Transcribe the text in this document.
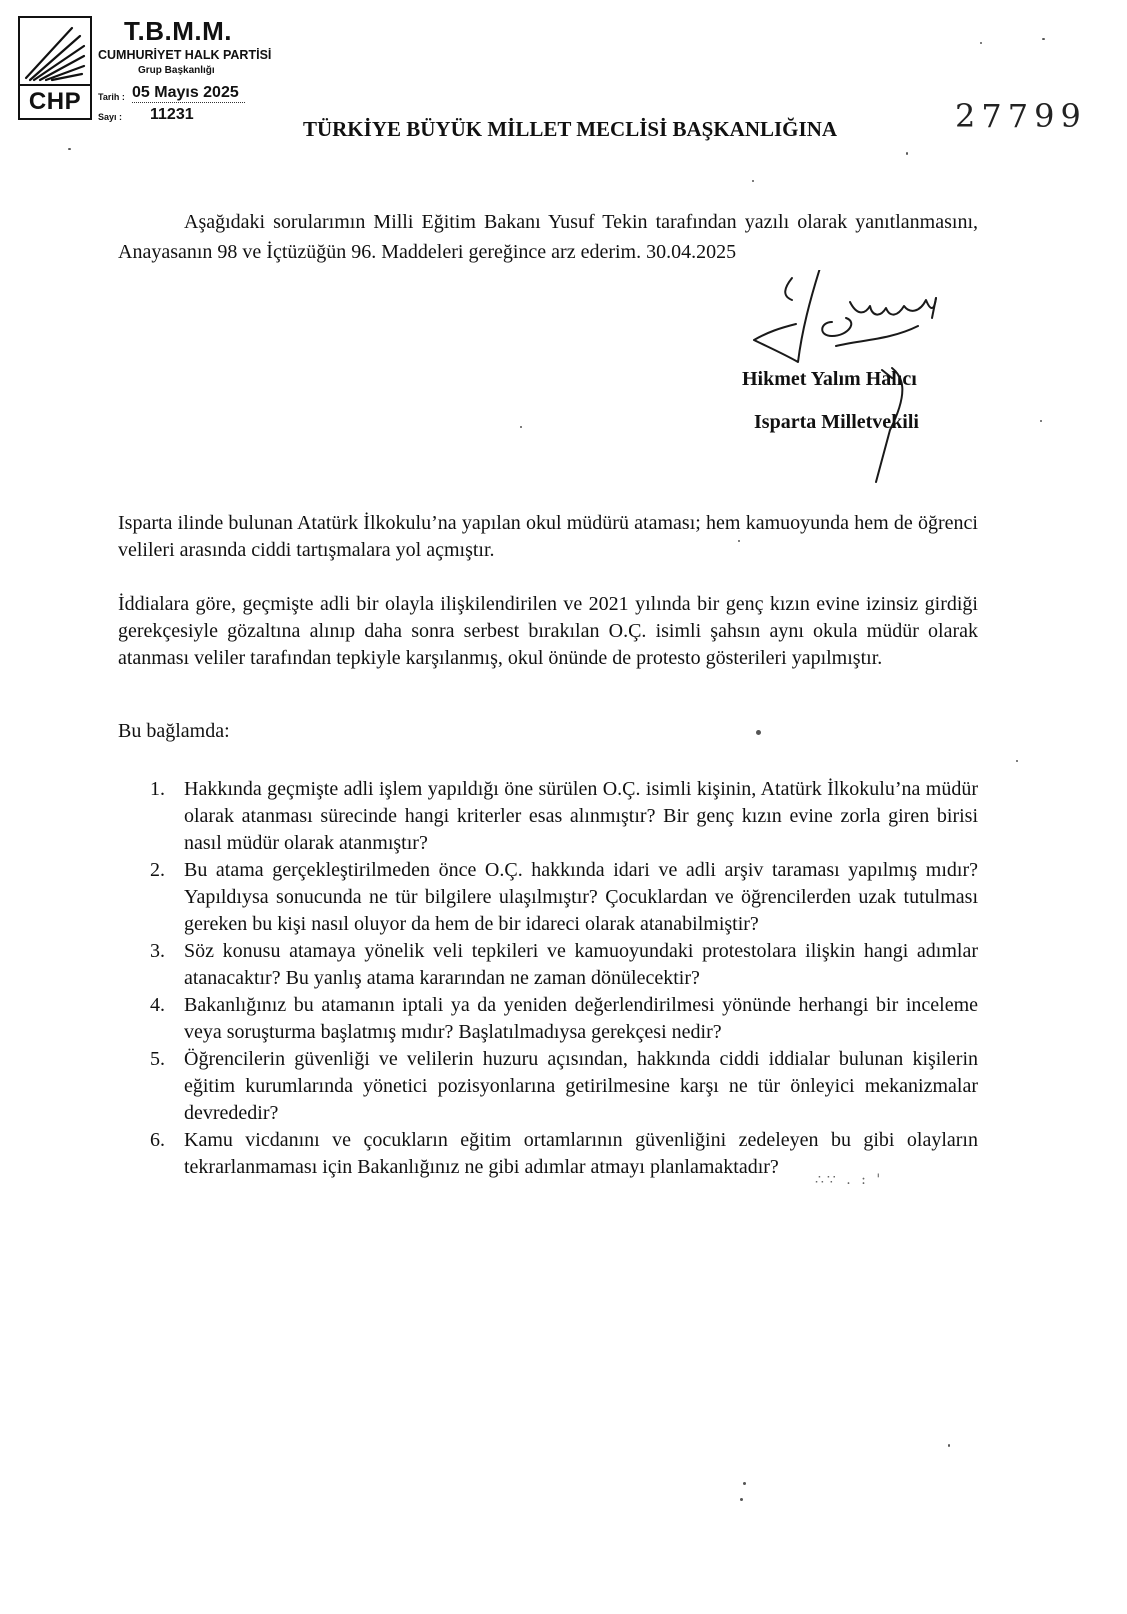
CHP
T.B.M.M.
CUMHURİYET HALK PARTİSİ
Grup Başkanlığı
Tarih : 05 Mayıs 2025
Sayı : 11231	27799
TÜRKİYE BÜYÜK MİLLET MECLİSİ BAŞKANLIĞINA
Aşağıdaki sorularımın Milli Eğitim Bakanı Yusuf Tekin tarafından yazılı olarak yanıtlanmasını, Anayasanın 98 ve İçtüzüğün 96. Maddeleri gereğince arz ederim. 30.04.2025
Hikmet Yalım Halıcı
Isparta Milletvekili
Isparta ilinde bulunan Atatürk İlkokulu’na yapılan okul müdürü ataması; hem kamuoyunda hem de öğrenci velileri arasında ciddi tartışmalara yol açmıştır.
İddialara göre, geçmişte adli bir olayla ilişkilendirilen ve 2021 yılında bir genç kızın evine izinsiz girdiği gerekçesiyle gözaltına alınıp daha sonra serbest bırakılan O.Ç. isimli şahsın aynı okula müdür olarak atanması veliler tarafından tepkiyle karşılanmış, okul önünde de protesto gösterileri yapılmıştır.
Bu bağlamda:
1. Hakkında geçmişte adli işlem yapıldığı öne sürülen O.Ç. isimli kişinin, Atatürk İlkokulu’na müdür olarak atanması sürecinde hangi kriterler esas alınmıştır? Bir genç kızın evine zorla giren birisi nasıl müdür olarak atanmıştır?
2. Bu atama gerçekleştirilmeden önce O.Ç. hakkında idari ve adli arşiv taraması yapılmış mıdır? Yapıldıysa sonucunda ne tür bilgilere ulaşılmıştır? Çocuklardan ve öğrencilerden uzak tutulması gereken bu kişi nasıl oluyor da hem de bir idareci olarak atanabilmiştir?
3. Söz konusu atamaya yönelik veli tepkileri ve kamuoyundaki protestolara ilişkin hangi adımlar atanacaktır? Bu yanlış atama kararından ne zaman dönülecektir?
4. Bakanlığınız bu atamanın iptali ya da yeniden değerlendirilmesi yönünde herhangi bir inceleme veya soruşturma başlatmış mıdır? Başlatılmadıysa gerekçesi nedir?
5. Öğrencilerin güvenliği ve velilerin huzuru açısından, hakkında ciddi iddialar bulunan kişilerin eğitim kurumlarında yönetici pozisyonlarına getirilmesine karşı ne tür önleyici mekanizmalar devrededir?
6. Kamu vicdanını ve çocukların eğitim ortamlarının güvenliğini zedeleyen bu gibi olayların tekrarlanmaması için Bakanlığınız ne gibi adımlar atmayı planlamaktadır?
∴∵ . : '
